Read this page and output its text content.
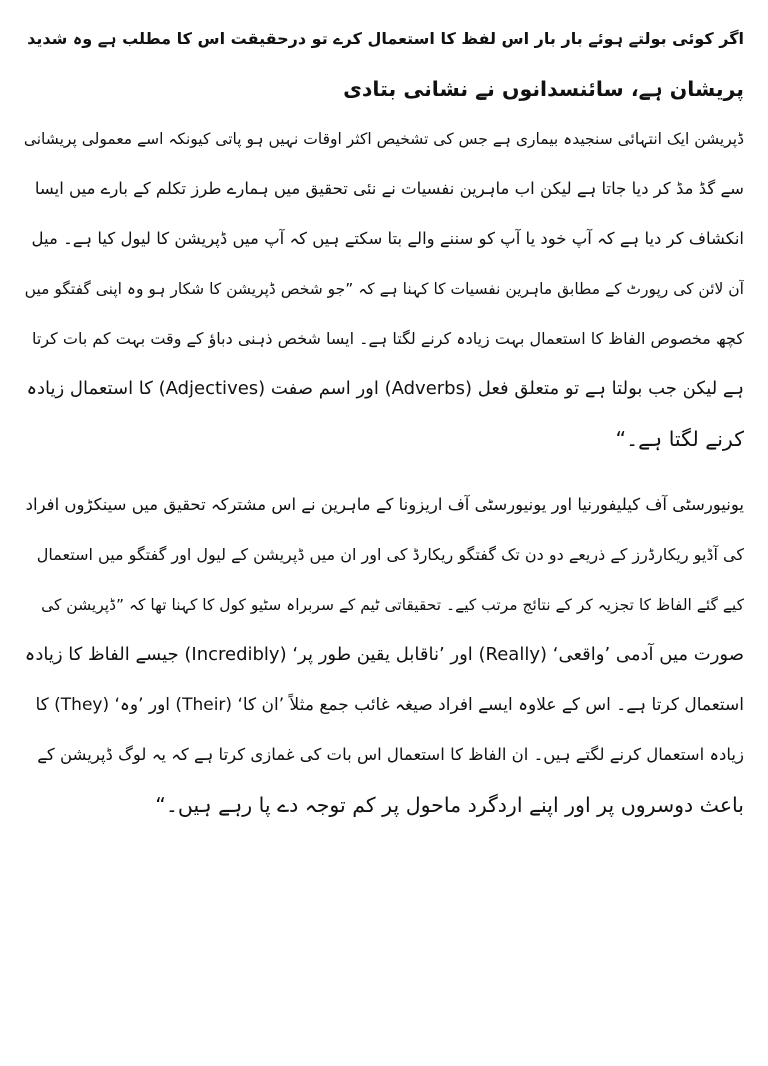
اگر کوئی بولتے ہوئے بار بار اس لفظ کا استعمال کرے تو درحقیقت اس کا مطلب ہے وہ شدید
پریشان ہے، سائنسدانوں نے نشانی بتادی
ڈپریشن ایک انتہائی سنجیدہ بیماری ہے جس کی تشخیص اکثر اوقات نہیں ہو پاتی کیونکہ اسے معمولی پریشانی
سے گڈ مڈ کر دیا جاتا ہے لیکن اب ماہرین نفسیات نے نئی تحقیق میں ہمارے طرز تکلم کے بارے میں ایسا
انکشاف کر دیا ہے کہ آپ خود یا آپ کو سننے والے بتا سکتے ہیں کہ آپ میں ڈپریشن کا لیول کیا ہے۔ میل
آن لائن کی رپورٹ کے مطابق ماہرین نفسیات کا کہنا ہے کہ ”جو شخص ڈپریشن کا شکار ہو وہ اپنی گفتگو میں
کچھ مخصوص الفاظ کا استعمال بہت زیادہ کرنے لگتا ہے۔ ایسا شخص ذہنی دباؤ کے وقت بہت کم بات کرتا
ہے لیکن جب بولتا ہے تو متعلق فعل (Adverbs) اور اسم صفت (Adjectives) کا استعمال زیادہ
کرنے لگتا ہے۔“
یونیورسٹی آف کیلیفورنیا اور یونیورسٹی آف اریزونا کے ماہرین نے اس مشترکہ تحقیق میں سینکڑوں افراد
کی آڈیو ریکارڈرز کے ذریعے دو دن تک گفتگو ریکارڈ کی اور ان میں ڈپریشن کے لیول اور گفتگو میں استعمال
کیے گئے الفاظ کا تجزیہ کر کے نتائج مرتب کیے۔ تحقیقاتی ٹیم کے سربراہ سٹیو کول کا کہنا تھا کہ ”ڈپریشن کی
صورت میں آدمی ’واقعی‘ (Really) اور ’ناقابل یقین طور پر‘ (Incredibly) جیسے الفاظ کا زیادہ
استعمال کرتا ہے۔ اس کے علاوہ ایسے افراد صیغہ غائب جمع مثلاً ’ان کا‘ (Their) اور ’وہ‘ (They) کا
زیادہ استعمال کرنے لگتے ہیں۔ ان الفاظ کا استعمال اس بات کی غمازی کرتا ہے کہ یہ لوگ ڈپریشن کے
باعث دوسروں پر اور اپنے اردگرد ماحول پر کم توجہ دے پا رہے ہیں۔“
